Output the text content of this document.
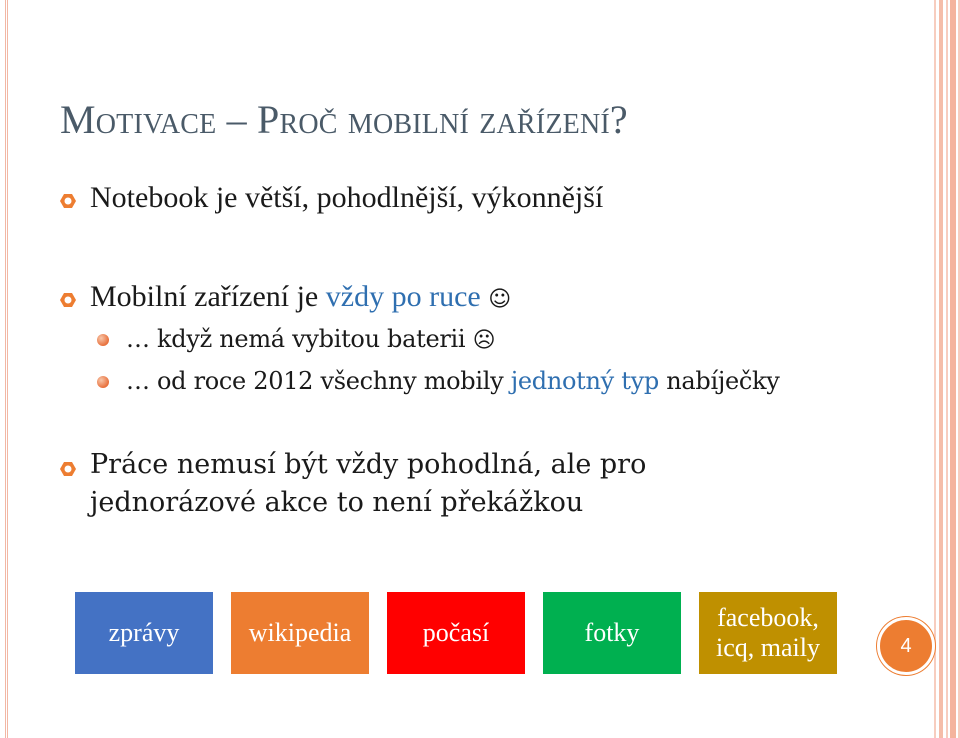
Motivace – Proč mobilní zařízení?
Notebook je větší, pohodlnější, výkonnější
Mobilní zařízení je vždy po ruce ☺
… když nemá vybitou baterii ☹
… od roce 2012 všechny mobily jednotný typ nabíječky
Práce nemusí být vždy pohodlná, ale pro
jednorázové akce to není překážkou
zprávy	wikipedia	počasí	fotky
facebook,
icq, maily	4
